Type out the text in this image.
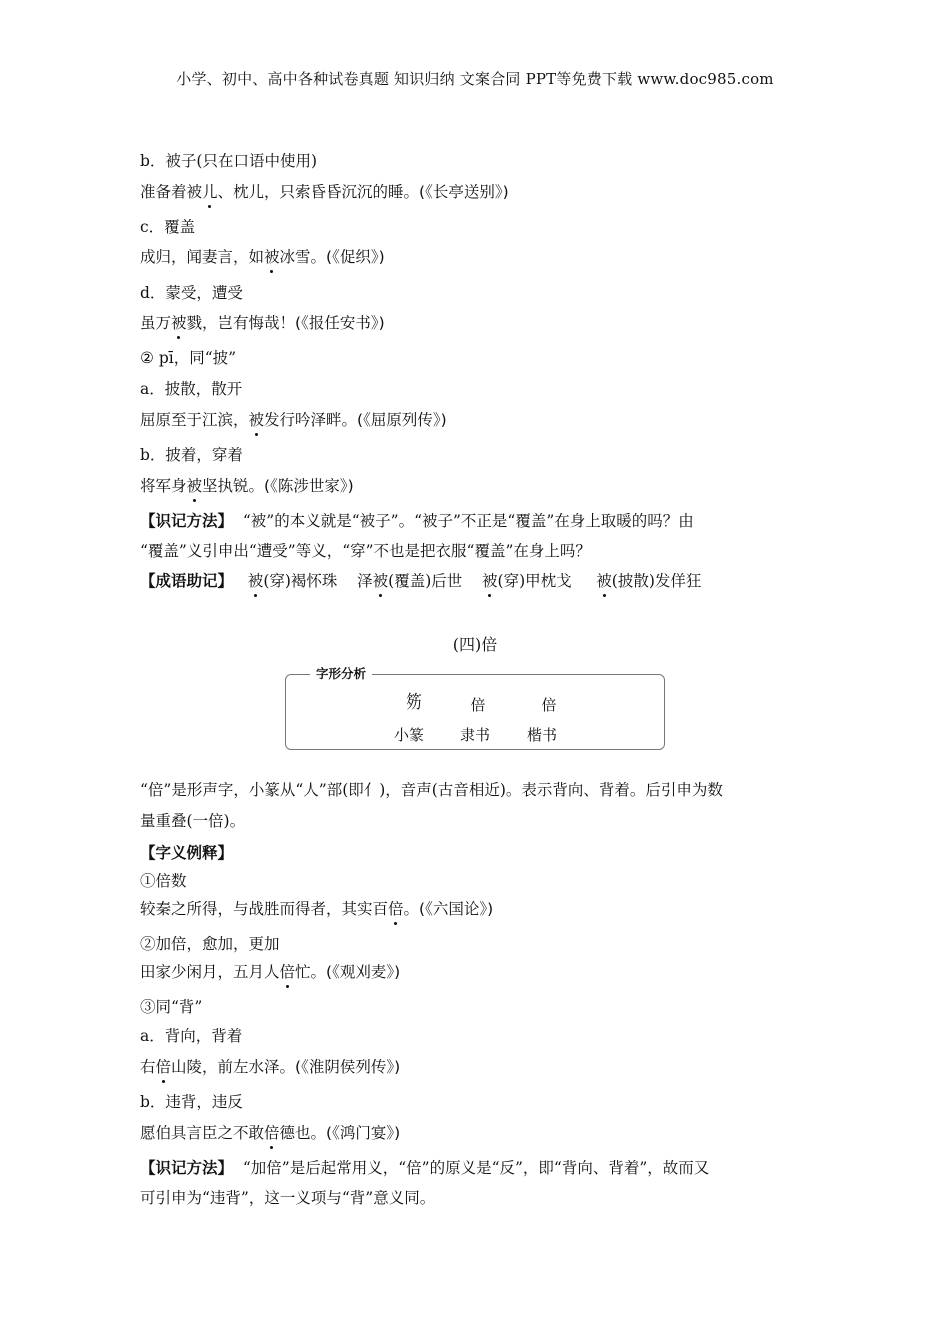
小学、初中、高中各种试卷真题 知识归纳 文案合同 PPT等免费下载 www.doc985.com
b．被子(只在口语中使用)
准备着被儿、枕儿，只索昏昏沉沉的睡。(《长亭送别》)
c．覆盖
成归，闻妻言，如被冰雪。(《促织》)
d．蒙受，遭受
虽万被戮，岂有悔哉！(《报任安书》)
② pī，同“披”
a．披散，散开
屈原至于江滨，被发行吟泽畔。(《屈原列传》)
b．披着，穿着
将军身被坚执锐。(《陈涉世家》)
【识记方法】 “被”的本义就是“被子”。“被子”不正是“覆盖”在身上取暖的吗？由
“覆盖”义引申出“遭受”等义，“穿”不也是把衣服“覆盖”在身上吗？
【成语助记】 被(穿)褐怀珠 泽被(覆盖)后世 被(穿)甲枕戈 被(披散)发佯狂
(四)倍
字形分析
䇟	倍	倍
小篆	隶书	楷书
“倍”是形声字，小篆从“人”部(即亻)，音声(古音相近)。表示背向、背着。后引申为数
量重叠(一倍)。
【字义例释】
①倍数
较秦之所得，与战胜而得者，其实百倍。(《六国论》)
②加倍，愈加，更加
田家少闲月，五月人倍忙。(《观刈麦》)
③同“背”
a．背向，背着
右倍山陵，前左水泽。(《淮阴侯列传》)
b．违背，违反
愿伯具言臣之不敢倍德也。(《鸿门宴》)
【识记方法】 “加倍”是后起常用义，“倍”的原义是“反”，即“背向、背着”，故而又
可引申为“违背”，这一义项与“背”意义同。
